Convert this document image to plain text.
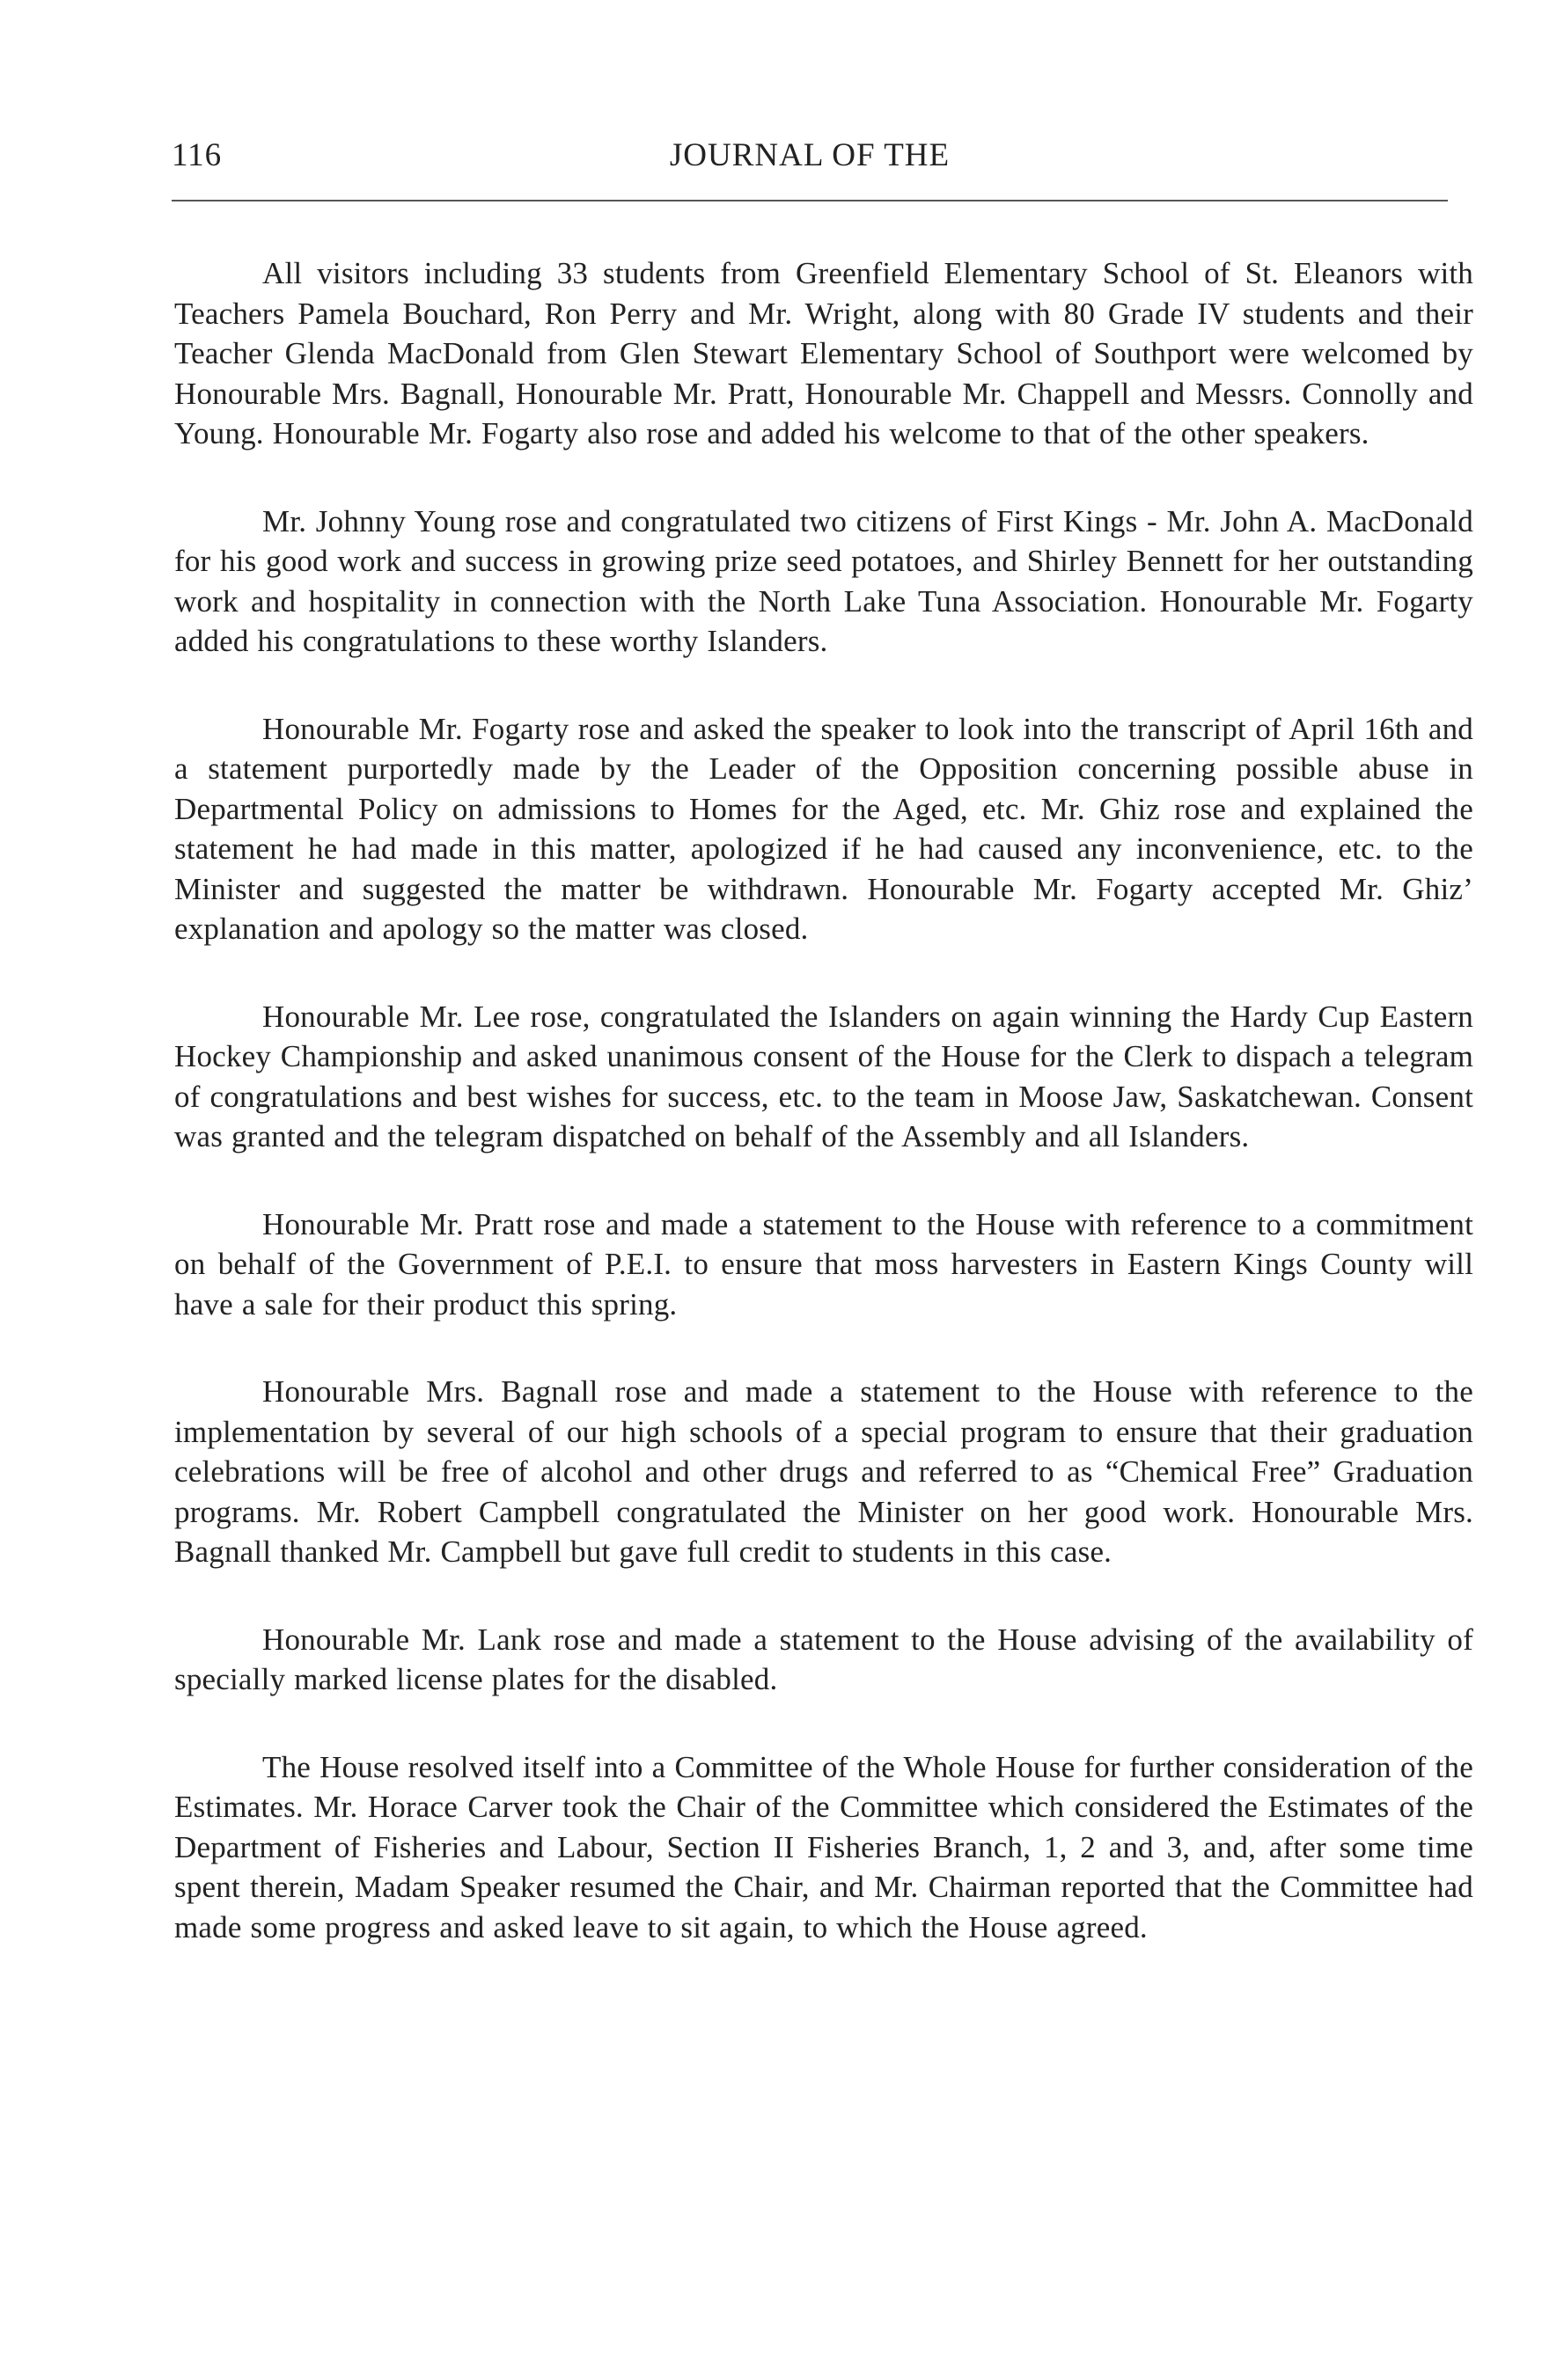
116	JOURNAL OF THE

All visitors including 33 students from Greenfield Elementary School of St. Eleanors with Teachers Pamela Bouchard, Ron Perry and Mr. Wright, along with 80 Grade IV students and their Teacher Glenda MacDonald from Glen Stewart Elementary School of Southport were welcomed by Honourable Mrs. Bagnall, Honourable Mr. Pratt, Honourable Mr. Chappell and Messrs. Connolly and Young. Honourable Mr. Fogarty also rose and added his welcome to that of the other speakers.

Mr. Johnny Young rose and congratulated two citizens of First Kings - Mr. John A. MacDonald for his good work and success in growing prize seed potatoes, and Shirley Bennett for her outstanding work and hospitality in connection with the North Lake Tuna Association. Honourable Mr. Fogarty added his congratulations to these worthy Islanders.

Honourable Mr. Fogarty rose and asked the speaker to look into the transcript of April 16th and a statement purportedly made by the Leader of the Opposition concerning possible abuse in Departmental Policy on admissions to Homes for the Aged, etc. Mr. Ghiz rose and explained the statement he had made in this matter, apologized if he had caused any inconvenience, etc. to the Minister and suggested the matter be withdrawn. Honourable Mr. Fogarty accepted Mr. Ghiz’ explanation and apology so the matter was closed.

Honourable Mr. Lee rose, congratulated the Islanders on again winning the Hardy Cup Eastern Hockey Championship and asked unanimous consent of the House for the Clerk to dispach a telegram of congratulations and best wishes for success, etc. to the team in Moose Jaw, Saskatchewan. Consent was granted and the telegram dispatched on behalf of the Assembly and all Islanders.

Honourable Mr. Pratt rose and made a statement to the House with reference to a commitment on behalf of the Government of P.E.I. to ensure that moss harvesters in Eastern Kings County will have a sale for their product this spring.

Honourable Mrs. Bagnall rose and made a statement to the House with reference to the implementation by several of our high schools of a special program to ensure that their graduation celebrations will be free of alcohol and other drugs and referred to as “Chemical Free” Graduation programs. Mr. Robert Campbell congratulated the Minister on her good work. Honourable Mrs. Bagnall thanked Mr. Campbell but gave full credit to students in this case.

Honourable Mr. Lank rose and made a statement to the House advising of the availability of specially marked license plates for the disabled.

The House resolved itself into a Committee of the Whole House for further consideration of the Estimates. Mr. Horace Carver took the Chair of the Committee which considered the Estimates of the Department of Fisheries and Labour, Section II Fisheries Branch, 1, 2 and 3, and, after some time spent therein, Madam Speaker resumed the Chair, and Mr. Chairman reported that the Committee had made some progress and asked leave to sit again, to which the House agreed.
